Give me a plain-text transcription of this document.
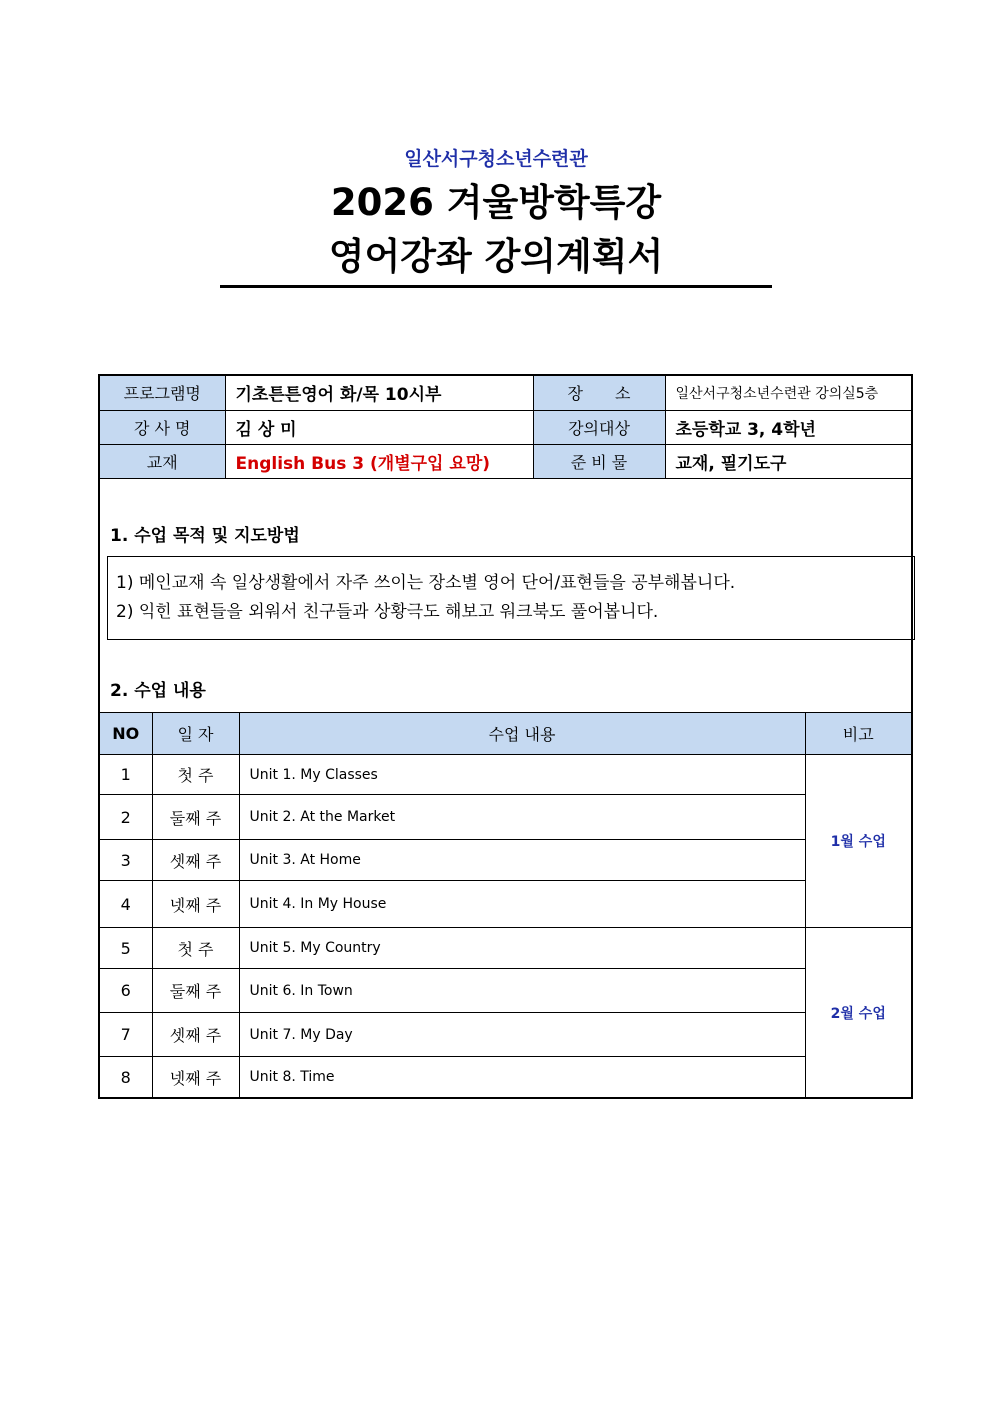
일산서구청소년수련관
2026 겨울방학특강
영어강좌 강의계획서
프로그램명	기초튼튼영어 화/목 10시부	장　　소	일산서구청소년수련관 강의실5층
강 사 명	김 상 미	강의대상	초등학교 3, 4학년
교재	English Bus 3 (개별구입 요망)	준 비 물	교재, 필기도구
1. 수업 목적 및 지도방법
1) 메인교재 속 일상생활에서 자주 쓰이는 장소별 영어 단어/표현들을 공부해봅니다.
2) 익힌 표현들을 외워서 친구들과 상황극도 해보고 워크북도 풀어봅니다.
2. 수업 내용
NO	일 자	수업 내용	비고
1	첫 주	Unit 1. My Classes	1월 수업
2	둘째 주	Unit 2. At the Market	
3	셋째 주	Unit 3. At Home	
4	넷째 주	Unit 4. In My House	
5	첫 주	Unit 5. My Country	2월 수업
6	둘째 주	Unit 6. In Town	
7	셋째 주	Unit 7. My Day	
8	넷째 주	Unit 8. Time	
